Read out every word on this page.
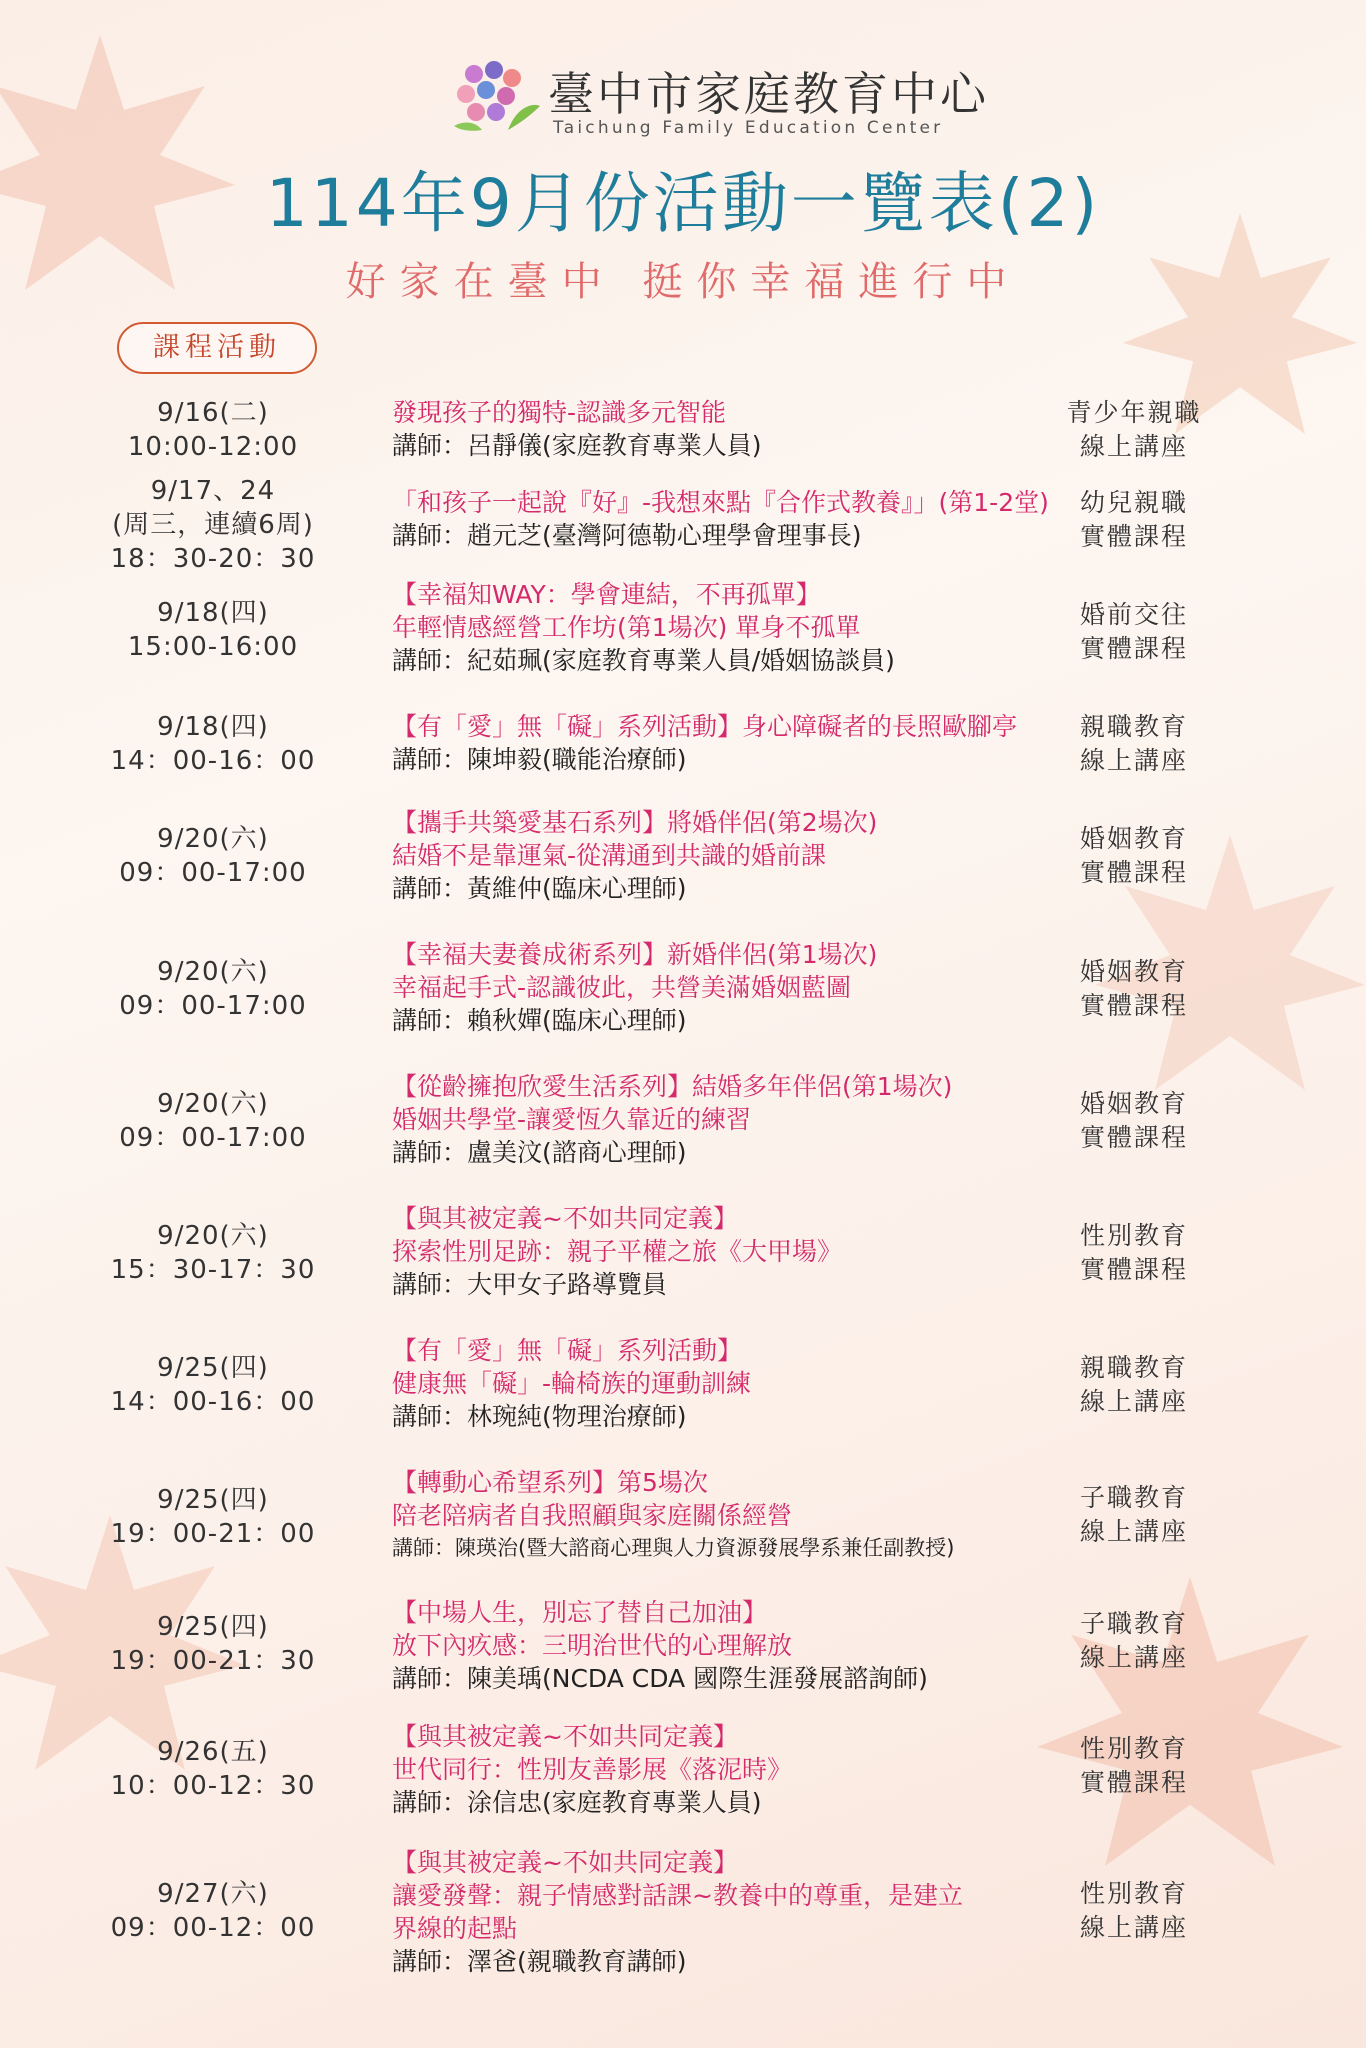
臺中市家庭教育中心
Taichung Family Education Center
114年9月份活動一覽表(2)
好家在臺中 挺你幸福進行中
課程活動
9/16(二)
10:00-12:00
發現孩子的獨特-認識多元智能
講師：呂靜儀(家庭教育專業人員)
青少年親職
線上講座
9/17、24
(周三，連續6周)
18：30-20：30
「和孩子一起說『好』-我想來點『合作式教養』」(第1-2堂)
講師：趙元芝(臺灣阿德勒心理學會理事長)
幼兒親職
實體課程
9/18(四)
15:00-16:00
【幸福知WAY：學會連結，不再孤單】
年輕情感經營工作坊(第1場次) 單身不孤單
講師：紀茹珮(家庭教育專業人員/婚姻協談員)
婚前交往
實體課程
9/18(四)
14：00-16：00
【有「愛」無「礙」系列活動】身心障礙者的長照歐腳亭
講師：陳坤毅(職能治療師)
親職教育
線上講座
9/20(六)
09：00-17:00
【攜手共築愛基石系列】將婚伴侶(第2場次)
結婚不是靠運氣-從溝通到共識的婚前課
講師：黃維仲(臨床心理師)
婚姻教育
實體課程
9/20(六)
09：00-17:00
【幸福夫妻養成術系列】新婚伴侶(第1場次)
幸福起手式-認識彼此，共營美滿婚姻藍圖
講師：賴秋嬋(臨床心理師)
婚姻教育
實體課程
9/20(六)
09：00-17:00
【從齡擁抱欣愛生活系列】結婚多年伴侶(第1場次)
婚姻共學堂-讓愛恆久靠近的練習
講師：盧美汶(諮商心理師)
婚姻教育
實體課程
9/20(六)
15：30-17：30
【與其被定義~不如共同定義】
探索性別足跡：親子平權之旅《大甲場》
講師：大甲女子路導覽員
性別教育
實體課程
9/25(四)
14：00-16：00
【有「愛」無「礙」系列活動】
健康無「礙」-輪椅族的運動訓練
講師：林琬純(物理治療師)
親職教育
線上講座
9/25(四)
19：00-21：00
【轉動心希望系列】第5場次
陪老陪病者自我照顧與家庭關係經營
講師：陳瑛治(暨大諮商心理與人力資源發展學系兼任副教授)
子職教育
線上講座
9/25(四)
19：00-21：30
【中場人生，別忘了替自己加油】
放下內疚感：三明治世代的心理解放
講師：陳美瑀(NCDA CDA 國際生涯發展諮詢師)
子職教育
線上講座
9/26(五)
10：00-12：30
【與其被定義~不如共同定義】
世代同行：性別友善影展《落泥時》
講師：涂信忠(家庭教育專業人員)
性別教育
實體課程
9/27(六)
09：00-12：00
【與其被定義~不如共同定義】
讓愛發聲：親子情感對話課~教養中的尊重，是建立
界線的起點
講師：澤爸(親職教育講師)
性別教育
線上講座
